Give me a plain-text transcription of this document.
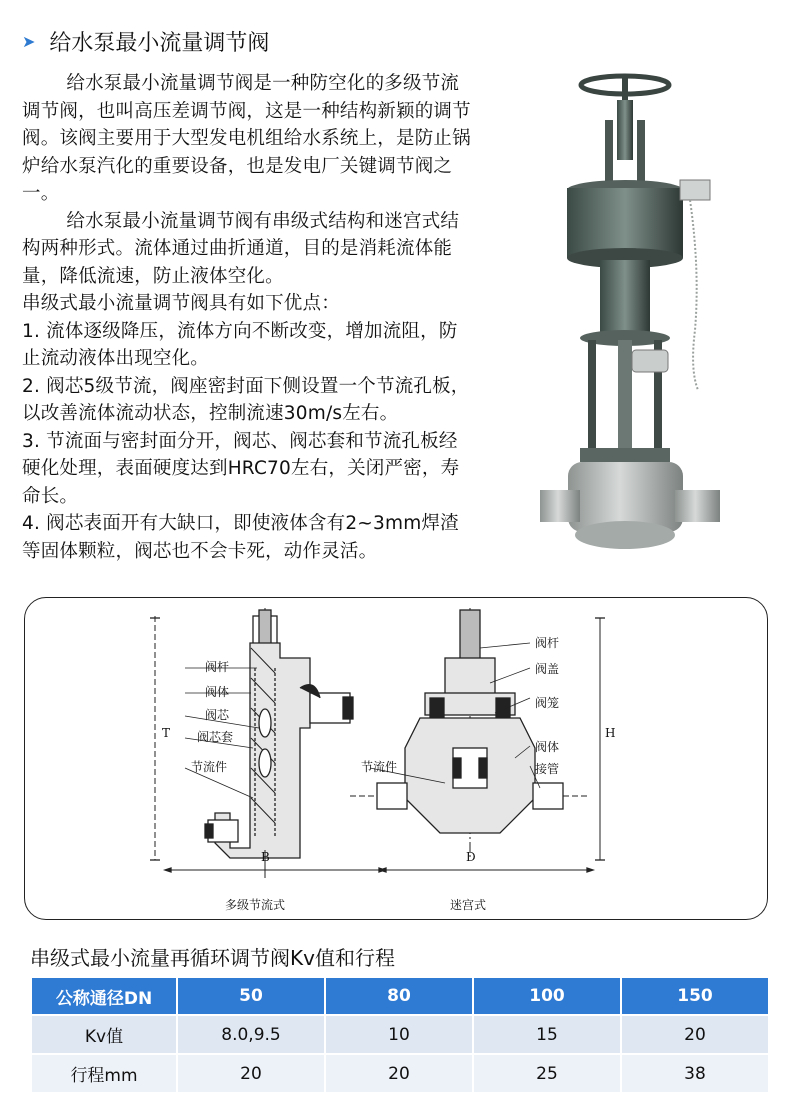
➤ 给水泵最小流量调节阀

给水泵最小流量调节阀是一种防空化的多级节流调节阀，也叫高压差调节阀，这是一种结构新颖的调节阀。该阀主要用于大型发电机组给水系统上，是防止锅炉给水泵汽化的重要设备，也是发电厂关键调节阀之一。

给水泵最小流量调节阀有串级式结构和迷宫式结构两种形式。流体通过曲折通道，目的是消耗流体能量，降低流速，防止液体空化。

串级式最小流量调节阀具有如下优点：

1. 流体逐级降压，流体方向不断改变，增加流阻，防止流动液体出现空化。

2. 阀芯5级节流，阀座密封面下侧设置一个节流孔板，以改善流体流动状态，控制流速30m/s左右。

3. 节流面与密封面分开，阀芯、阀芯套和节流孔板经硬化处理，表面硬度达到HRC70左右，关闭严密，寿命长。

4. 阀芯表面开有大缺口，即使液体含有2~3mm焊渣等固体颗粒，阀芯也不会卡死，动作灵活。

阀杆
阀体
阀芯
阀芯套
节流件
T
B
多级节流式
阀杆
阀盖
阀笼
阀体
接管
节流件
H
D
迷宫式
串级式最小流量再循环调节阀Kv值和行程
公称通径DN	50	80	100	150
Kv值	8.0,9.5	10	15	20
行程mm	20	20	25	38
